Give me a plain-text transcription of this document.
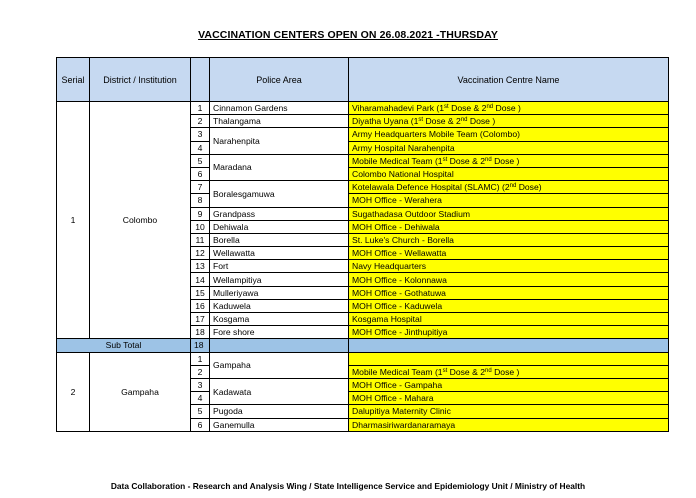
VACCINATION CENTERS OPEN ON 26.08.2021 -THURSDAY
Serial	District / Institution		Police Area	Vaccination Centre Name
1	Colombo	1	Cinnamon Gardens	Viharamahadevi Park (1st Dose & 2nd Dose )
		2	Thalangama	Diyatha Uyana (1st Dose & 2nd Dose )
		3	Narahenpita	Army Headquarters Mobile Team (Colombo)
		4		Army Hospital Narahenpita
		5	Maradana	Mobile Medical Team (1st Dose & 2nd Dose )
		6		Colombo National Hospital
		7	Boralesgamuwa	Kotelawala Defence Hospital (SLAMC) (2nd Dose)
		8		MOH Office - Werahera
		9	Grandpass	Sugathadasa Outdoor Stadium
		10	Dehiwala	MOH Office - Dehiwala
		11	Borella	St. Luke's Church - Borella
		12	Wellawatta	MOH Office - Wellawatta
		13	Fort	Navy Headquarters
		14	Wellampitiya	MOH Office - Kolonnawa
		15	Mulleriyawa	MOH Office - Gothatuwa
		16	Kaduwela	MOH Office - Kaduwela
		17	Kosgama	Kosgama Hospital
		18	Fore shore	MOH Office - Jinthupitiya
Sub Total		18		
2	Gampaha	1	Gampaha	
		2		Mobile Medical Team (1st Dose & 2nd Dose )
		3	Kadawata	MOH Office - Gampaha
		4		MOH Office - Mahara
		5	Pugoda	Dalupitiya Maternity Clinic
		6	Ganemulla	Dharmasiriwardanaramaya
Data Collaboration - Research and Analysis Wing / State Intelligence Service and Epidemiology Unit / Ministry of Health
